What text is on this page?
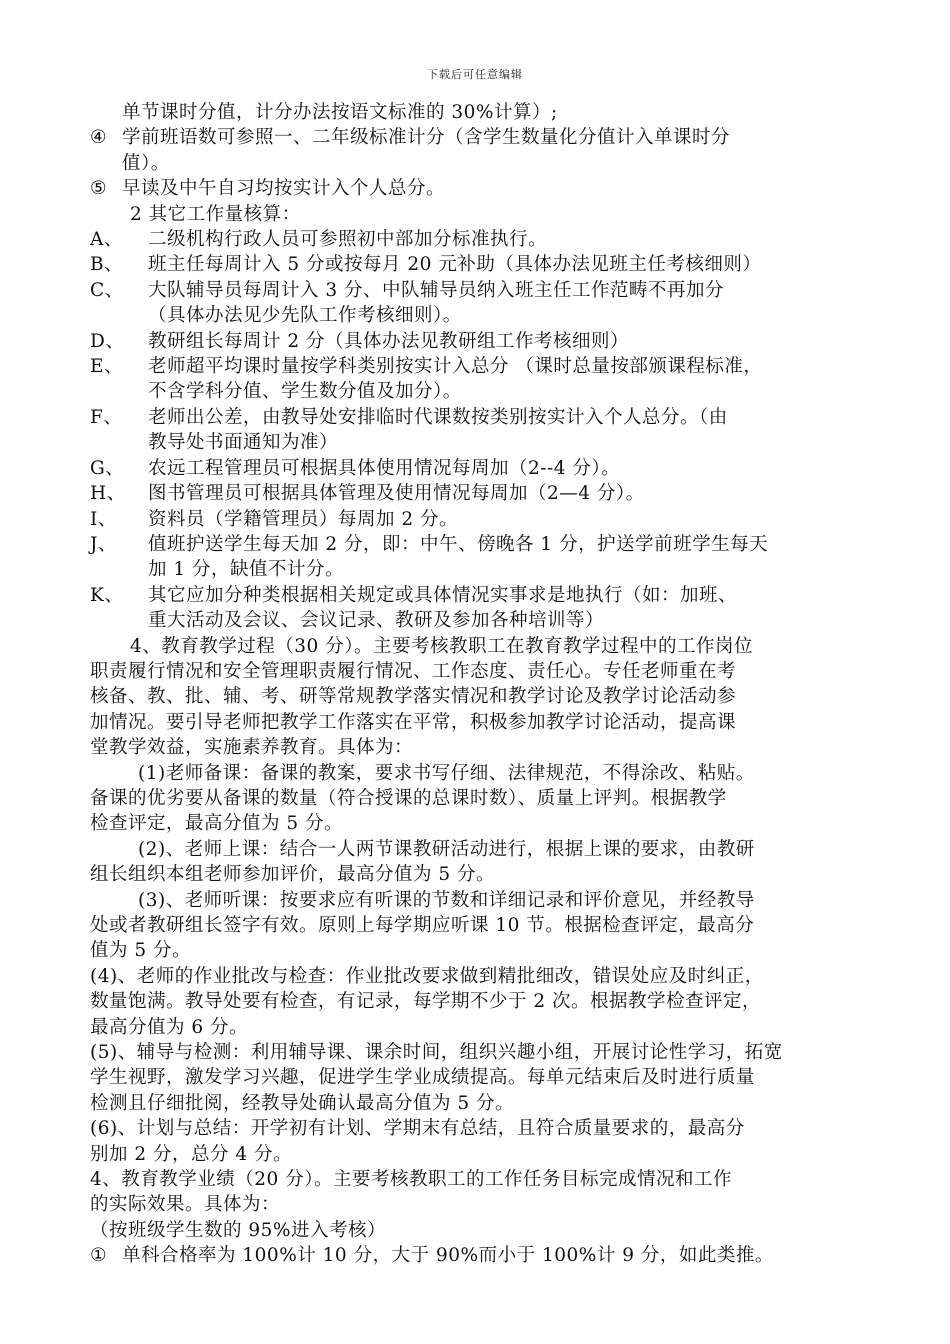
下载后可任意编辑
单节课时分值，计分办法按语文标准的 30%计算）;
④ 学前班语数可参照一、二年级标准计分（含学生数量化分值计入单课时分
值）。
⑤ 早读及中午自习均按实计入个人总分。
2 其它工作量核算：
A、	二级机构行政人员可参照初中部加分标准执行。
B、	班主任每周计入 5 分或按每月 20 元补助（具体办法见班主任考核细则）
C、	大队辅导员每周计入 3 分、中队辅导员纳入班主任工作范畴不再加分
（具体办法见少先队工作考核细则）。
D、	教研组长每周计 2 分（具体办法见教研组工作考核细则）
E、	老师超平均课时量按学科类别按实计入总分 （课时总量按部颁课程标准，
不含学科分值、学生数分值及加分）。
F、	老师出公差，由教导处安排临时代课数按类别按实计入个人总分。（由
教导处书面通知为准）
G、	农远工程管理员可根据具体使用情况每周加（2--4 分）。
H、	图书管理员可根据具体管理及使用情况每周加（2—4 分）。
I、	资料员（学籍管理员）每周加 2 分。
J、	值班护送学生每天加 2 分，即：中午、傍晚各 1 分，护送学前班学生每天
加 1 分，缺值不计分。
K、	其它应加分种类根据相关规定或具体情况实事求是地执行（如：加班、
重大活动及会议、会议记录、教研及参加各种培训等）
4、教育教学过程（30 分）。主要考核教职工在教育教学过程中的工作岗位
职责履行情况和安全管理职责履行情况、工作态度、责任心。专任老师重在考
核备、教、批、辅、考、研等常规教学落实情况和教学讨论及教学讨论活动参
加情况。要引导老师把教学工作落实在平常，积极参加教学讨论活动，提高课
堂教学效益，实施素养教育。具体为：
(1)老师备课：备课的教案，要求书写仔细、法律规范，不得涂改、粘贴。
备课的优劣要从备课的数量（符合授课的总课时数）、质量上评判。根据教学
检查评定，最高分值为 5 分。
(2)、老师上课：结合一人两节课教研活动进行，根据上课的要求，由教研
组长组织本组老师参加评价，最高分值为 5 分。
(3)、老师听课：按要求应有听课的节数和详细记录和评价意见，并经教导
处或者教研组长签字有效。原则上每学期应听课 10 节。根据检查评定，最高分
值为 5 分。
(4)、老师的作业批改与检查：作业批改要求做到精批细改，错误处应及时纠正，
数量饱满。教导处要有检查，有记录，每学期不少于 2 次。根据教学检查评定，
最高分值为 6 分。
(5)、辅导与检测：利用辅导课、课余时间，组织兴趣小组，开展讨论性学习，拓宽
学生视野，激发学习兴趣，促进学生学业成绩提高。每单元结束后及时进行质量
检测且仔细批阅，经教导处确认最高分值为 5 分。
(6)、计划与总结：开学初有计划、学期末有总结，且符合质量要求的，最高分
别加 2 分，总分 4 分。
4、教育教学业绩（20 分）。主要考核教职工的工作任务目标完成情况和工作
的实际效果。具体为：
（按班级学生数的 95%进入考核）
① 单科合格率为 100%计 10 分，大于 90%而小于 100%计 9 分，如此类推。
